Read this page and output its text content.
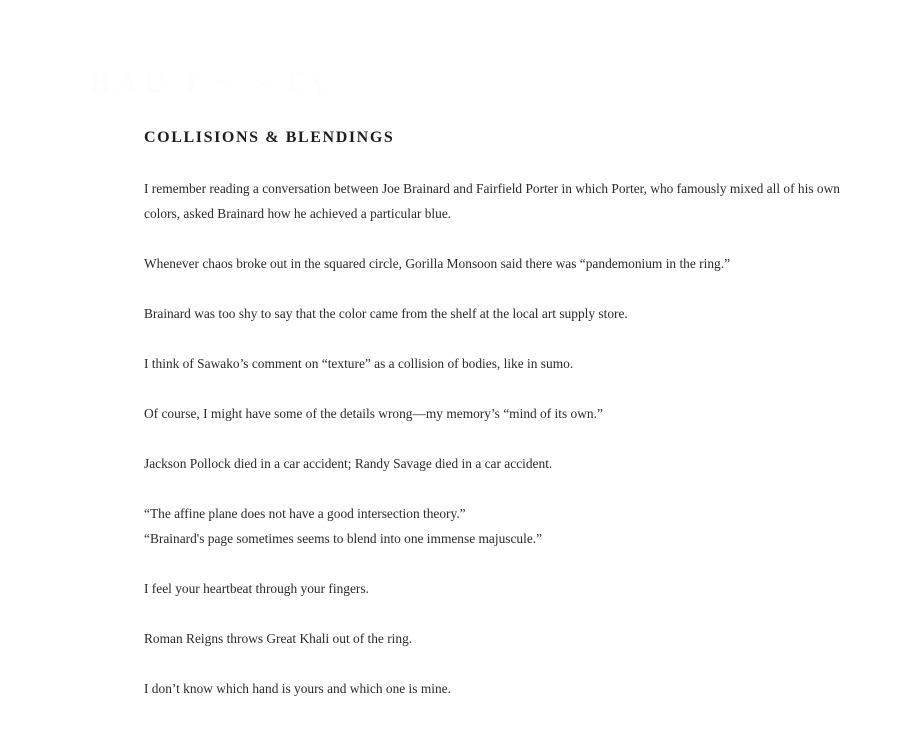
BAU I ~ ~ Ey
COLLISIONS & BLENDINGS

I remember reading a conversation between Joe Brainard and Fairfield Porter in which Porter, who famously mixed all of his own colors, asked Brainard how he achieved a particular blue.

Whenever chaos broke out in the squared circle, Gorilla Monsoon said there was “pandemonium in the ring.”

Brainard was too shy to say that the color came from the shelf at the local art supply store.

I think of Sawako’s comment on “texture” as a collision of bodies, like in sumo.

Of course, I might have some of the details wrong—my memory’s “mind of its own.”

Jackson Pollock died in a car accident; Randy Savage died in a car accident.

“The affine plane does not have a good intersection theory.”

“Brainard's page sometimes seems to blend into one immense majuscule.”

I feel your heartbeat through your fingers.

Roman Reigns throws Great Khali out of the ring.

I don’t know which hand is yours and which one is mine.
